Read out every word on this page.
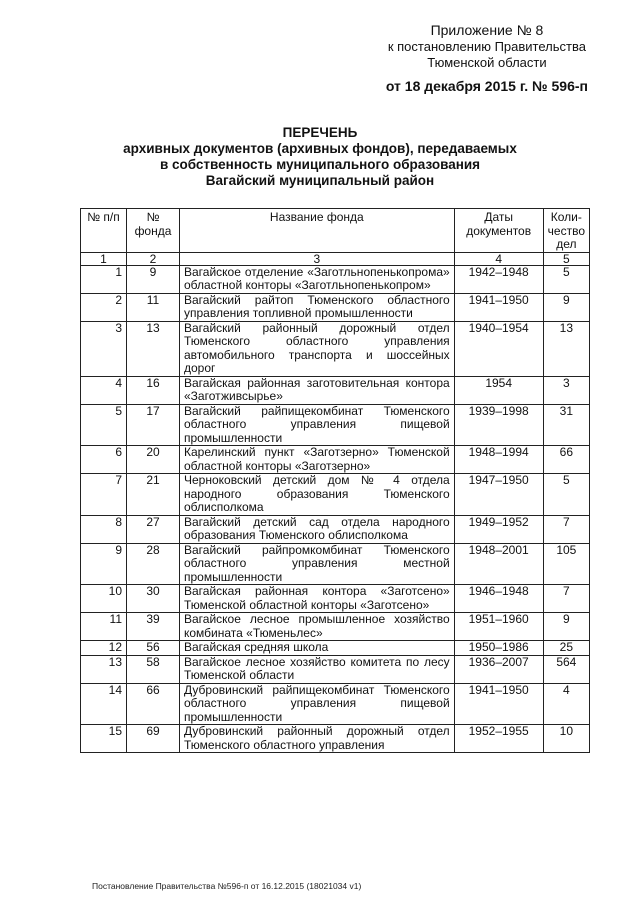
Приложение № 8
к постановлению Правительства
Тюменской области
от 18 декабря 2015 г. № 596-п
ПЕРЕЧЕНЬ
архивных документов (архивных фондов), передаваемых
в собственность муниципального образования
Вагайский муниципальный район
№ п/п	№ фонда	Название фонда	Даты документов	Коли-чество дел
1	2	3	4	5
1	9	Вагайское отделение «Заготльнопенькопрома» областной конторы «Заготльнопенькопром»	1942–1948	5
2	11	Вагайский райтоп Тюменского областного управления топливной промышленности	1941–1950	9
3	13	Вагайский районный дорожный отдел Тюменского областного управления автомобильного транспорта и шоссейных дорог	1940–1954	13
4	16	Вагайская районная заготовительная контора «Заготживсырье»	1954	3
5	17	Вагайский райпищекомбинат Тюменского областного управления пищевой промышленности	1939–1998	31
6	20	Карелинский пункт «Заготзерно» Тюменской областной конторы «Заготзерно»	1948–1994	66
7	21	Черноковский детский дом № 4 отдела народного образования Тюменского облисполкома	1947–1950	5
8	27	Вагайский детский сад отдела народного образования Тюменского облисполкома	1949–1952	7
9	28	Вагайский райпромкомбинат Тюменского областного управления местной промышленности	1948–2001	105
10	30	Вагайская районная контора «Заготсено» Тюменской областной конторы «Заготсено»	1946–1948	7
11	39	Вагайское лесное промышленное хозяйство комбината «Тюменьлес»	1951–1960	9
12	56	Вагайская средняя школа	1950–1986	25
13	58	Вагайское лесное хозяйство комитета по лесу Тюменской области	1936–2007	564
14	66	Дубровинский райпищекомбинат Тюменского областного управления пищевой промышленности	1941–1950	4
15	69	Дубровинский районный дорожный отдел Тюменского областного управления	1952–1955	10
Постановление Правительства №596-п от 16.12.2015 (18021034 v1)
